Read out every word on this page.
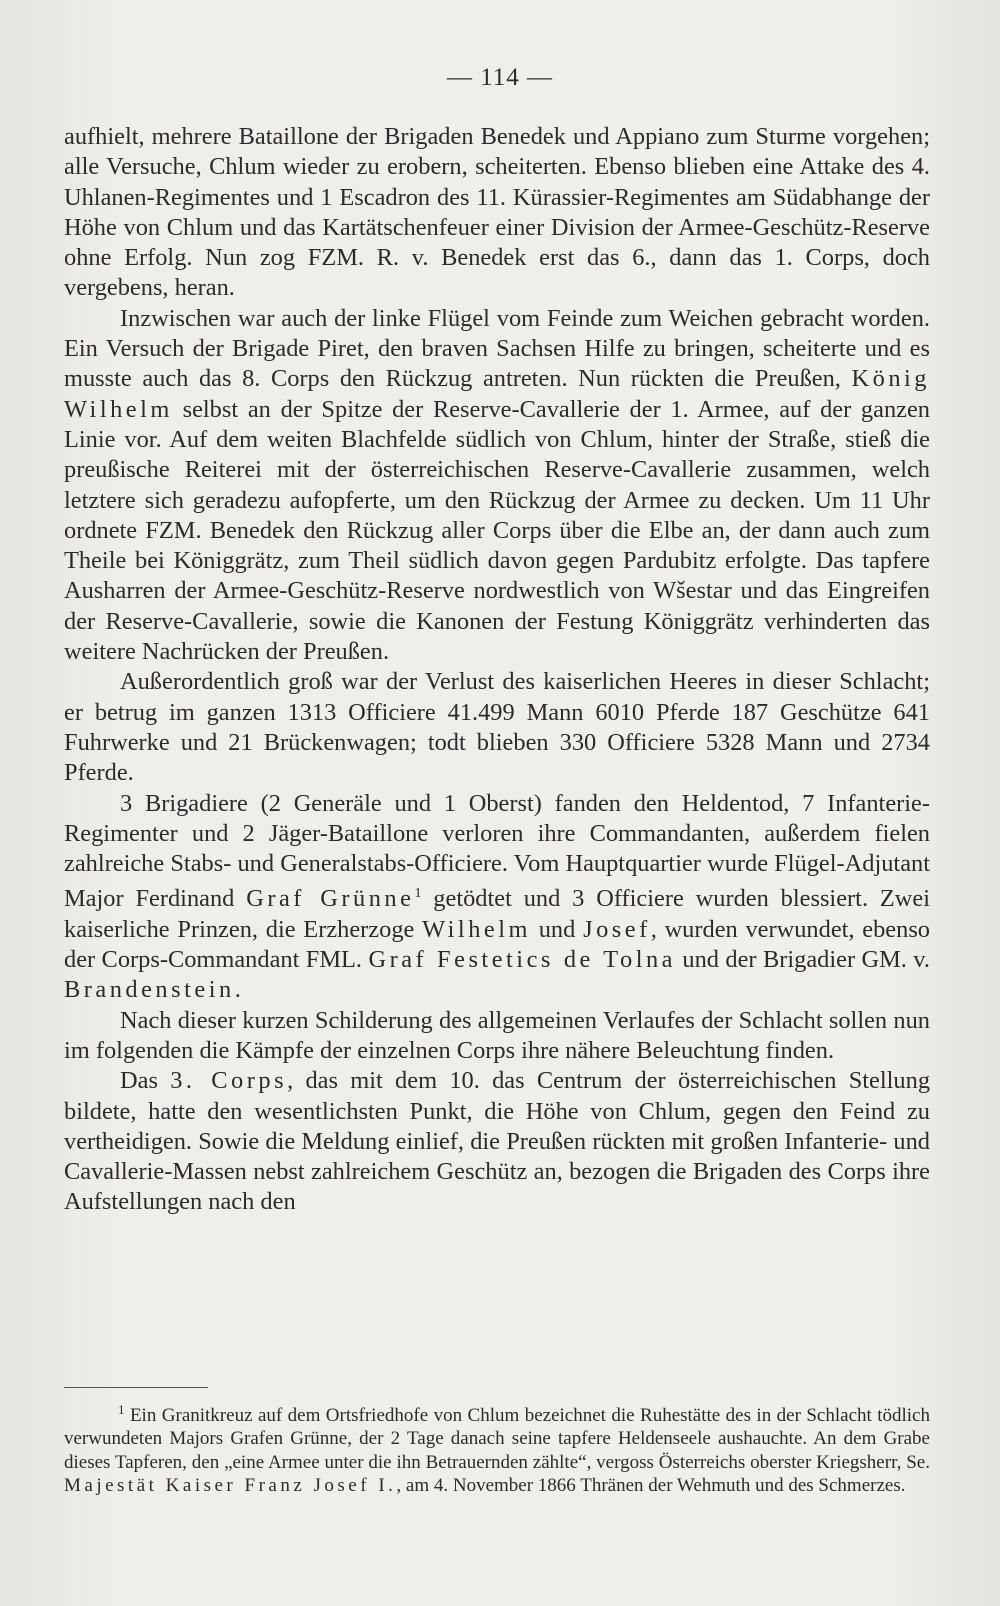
— 114 —

aufhielt, mehrere Bataillone der Brigaden Benedek und Appiano zum Sturme vorgehen; alle Versuche, Chlum wieder zu erobern, scheiterten. Ebenso blieben eine Attake des 4. Uhlanen-Regimentes und 1 Escadron des 11. Kürassier-Regimentes am Südabhange der Höhe von Chlum und das Kartätschenfeuer einer Division der Armee-Geschütz-Reserve ohne Erfolg. Nun zog FZM. R. v. Benedek erst das 6., dann das 1. Corps, doch vergebens, heran.

Inzwischen war auch der linke Flügel vom Feinde zum Weichen gebracht worden. Ein Versuch der Brigade Piret, den braven Sachsen Hilfe zu bringen, scheiterte und es musste auch das 8. Corps den Rückzug antreten. Nun rückten die Preußen, König Wilhelm selbst an der Spitze der Reserve-Cavallerie der 1. Armee, auf der ganzen Linie vor. Auf dem weiten Blachfelde südlich von Chlum, hinter der Straße, stieß die preußische Reiterei mit der österreichischen Reserve-Cavallerie zusammen, welch letztere sich geradezu aufopferte, um den Rückzug der Armee zu decken. Um 11 Uhr ordnete FZM. Benedek den Rückzug aller Corps über die Elbe an, der dann auch zum Theile bei Königgrätz, zum Theil südlich davon gegen Pardubitz erfolgte. Das tapfere Ausharren der Armee-Geschütz-Reserve nordwestlich von Wšestar und das Eingreifen der Reserve-Cavallerie, sowie die Kanonen der Festung Königgrätz verhinderten das weitere Nachrücken der Preußen.

Außerordentlich groß war der Verlust des kaiserlichen Heeres in dieser Schlacht; er betrug im ganzen 1313 Officiere 41.499 Mann 6010 Pferde 187 Geschütze 641 Fuhrwerke und 21 Brückenwagen; todt blieben 330 Officiere 5328 Mann und 2734 Pferde.

3 Brigadiere (2 Generäle und 1 Oberst) fanden den Heldentod, 7 Infanterie-Regimenter und 2 Jäger-Bataillone verloren ihre Commandanten, außerdem fielen zahlreiche Stabs- und Generalstabs-Officiere. Vom Hauptquartier wurde Flügel-Adjutant Major Ferdinand Graf Grünne$^1$ getödtet und 3 Officiere wurden blessiert. Zwei kaiserliche Prinzen, die Erzherzoge Wilhelm und Josef, wurden verwundet, ebenso der Corps-Commandant FML. Graf Festetics de Tolna und der Brigadier GM. v. Brandenstein.

Nach dieser kurzen Schilderung des allgemeinen Verlaufes der Schlacht sollen nun im folgenden die Kämpfe der einzelnen Corps ihre nähere Beleuchtung finden.

Das 3. Corps, das mit dem 10. das Centrum der österreichischen Stellung bildete, hatte den wesentlichsten Punkt, die Höhe von Chlum, gegen den Feind zu vertheidigen. Sowie die Meldung einlief, die Preußen rückten mit großen Infanterie- und Cavallerie-Massen nebst zahlreichem Geschütz an, bezogen die Brigaden des Corps ihre Aufstellungen nach den

$^1$ Ein Granitkreuz auf dem Ortsfriedhofe von Chlum bezeichnet die Ruhestätte des in der Schlacht tödlich verwundeten Majors Grafen Grünne, der 2 Tage danach seine tapfere Heldenseele aushauchte. An dem Grabe dieses Tapferen, den „eine Armee unter die ihn Betrauernden zählte“, vergoss Österreichs oberster Kriegsherr, Se. Majestät Kaiser Franz Josef I., am 4. November 1866 Thränen der Wehmuth und des Schmerzes.
